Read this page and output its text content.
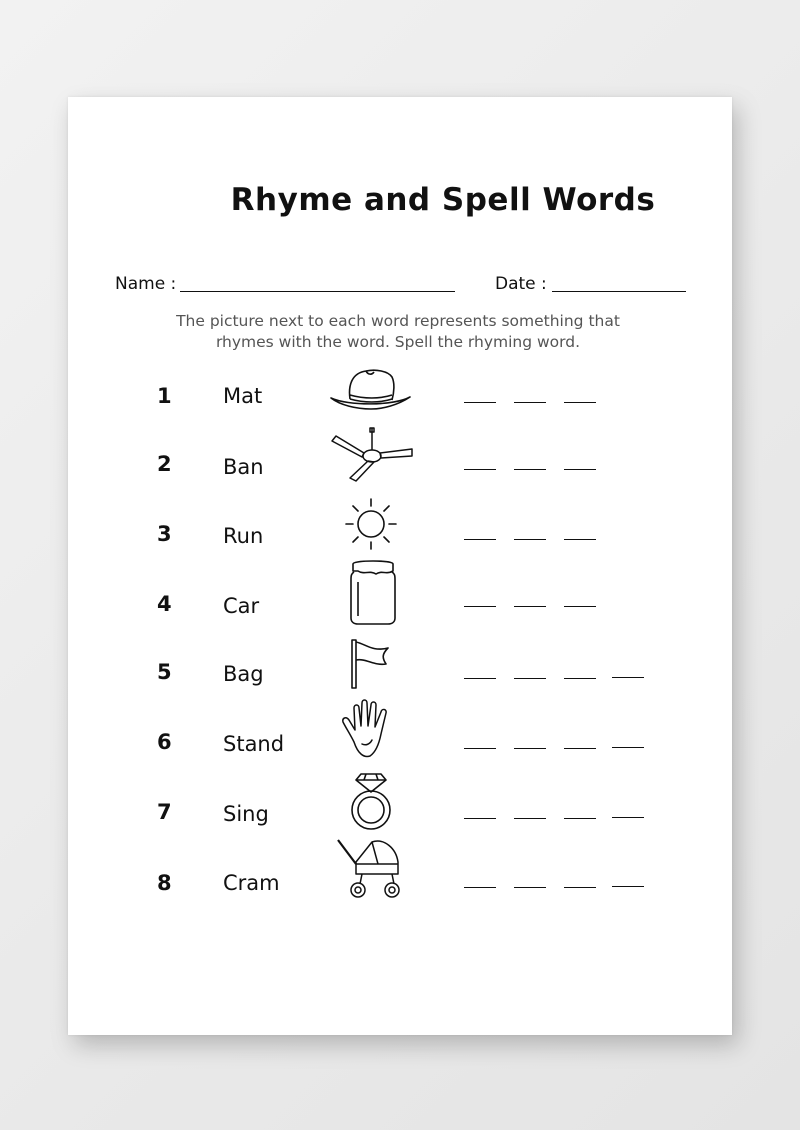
Rhyme and Spell Words
Name :	Date :
The picture next to each word represents something that
rhymes with the word. Spell the rhyming word.
1 Mat
2 Ban
3 Run
4 Car
5 Bag
6 Stand
7 Sing
8 Cram
